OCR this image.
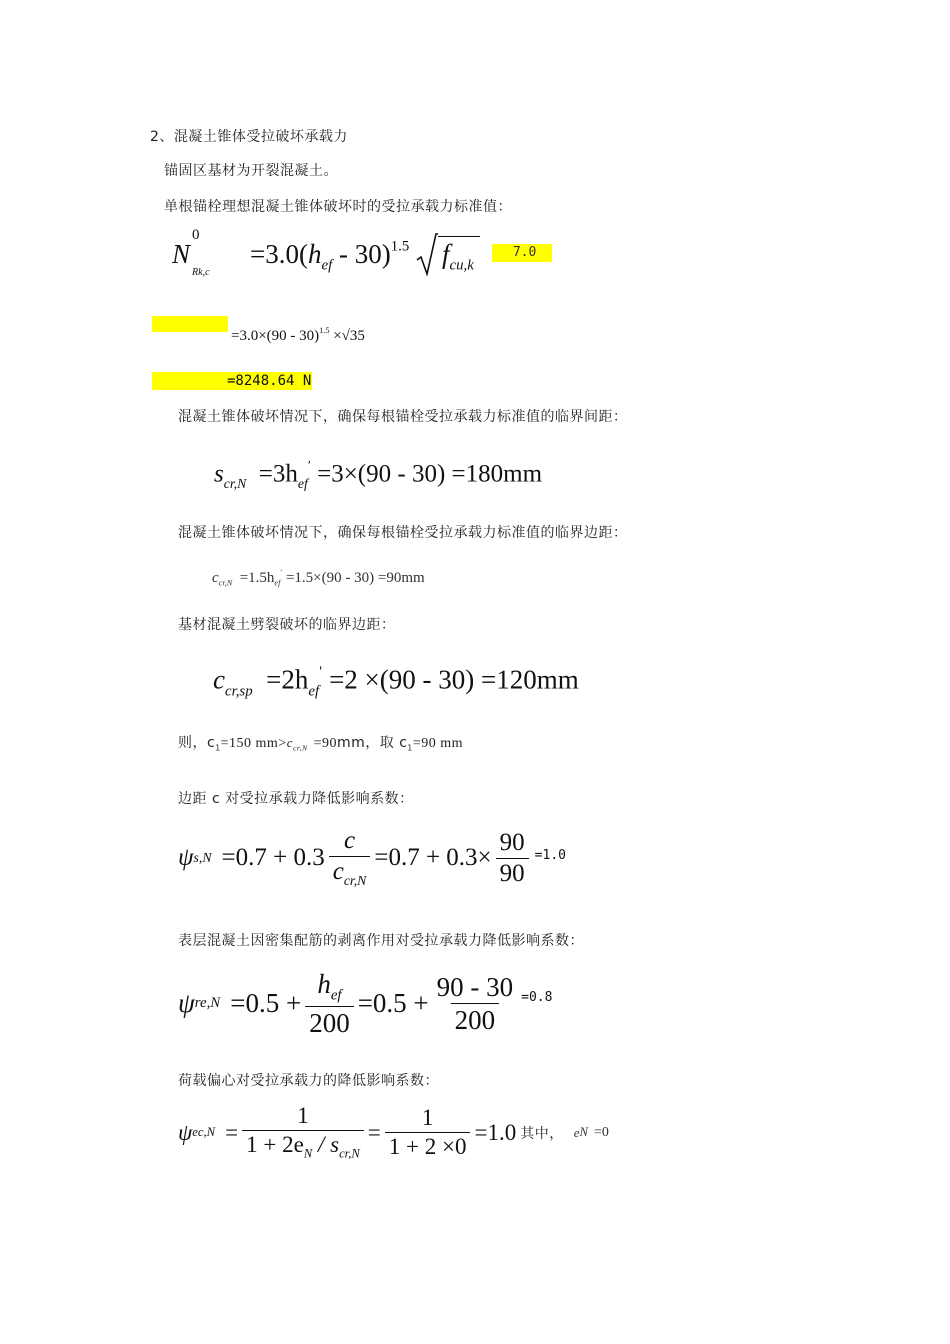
2、混凝土锥体受拉破坏承载力
锚固区基材为开裂混凝土。
单根锚栓理想混凝土锥体破坏时的受拉承载力标准值：
N
0
Rk,c
$=3.0(h_{ef} - 30)^{1.5}$ $f_{cu,k}$
7.0
=3.0×(90 - 30)$^{1.5}$ ×√35
=8248.64 N
混凝土锥体破坏情况下，确保每根锚栓受拉承载力标准值的临界间距：
$s_{cr,N} =3h_{ef}' =3\times(90 - 30) =180mm$
混凝土锥体破坏情况下，确保每根锚栓受拉承载力标准值的临界边距：
$c_{cr,N} =1.5h_{ef}' =1.5\times(90 - 30) =90mm$
基材混凝土劈裂破坏的临界边距：
$c_{cr,sp} =2h_{ef}' =2 \times(90 - 30) =120mm$
则，$c_1=150$ $mm>c_{cr,N} =90mm$，取 $c_1=90$ mm
边距 c 对受拉承载力降低影响系数：
ψ $s,N =0.7 + 0.3 \frac{c}{c_{cr,N}} =0.7 + 0.3\times \frac{90}{90} =1.0$
表层混凝土因密集配筋的剥离作用对受拉承载力降低影响系数：
ψ $re,N =0.5 + \frac{h_{ef}}{200} =0.5 + \frac{90 - 30}{200} =0.8$
荷载偏心对受拉承载力的降低影响系数：
ψ $ec,N = \frac{1}{1 + 2e_N / s_{cr,N}} = \frac{1}{1 + 2 \times 0} =1.0$ 其中， e N =0
